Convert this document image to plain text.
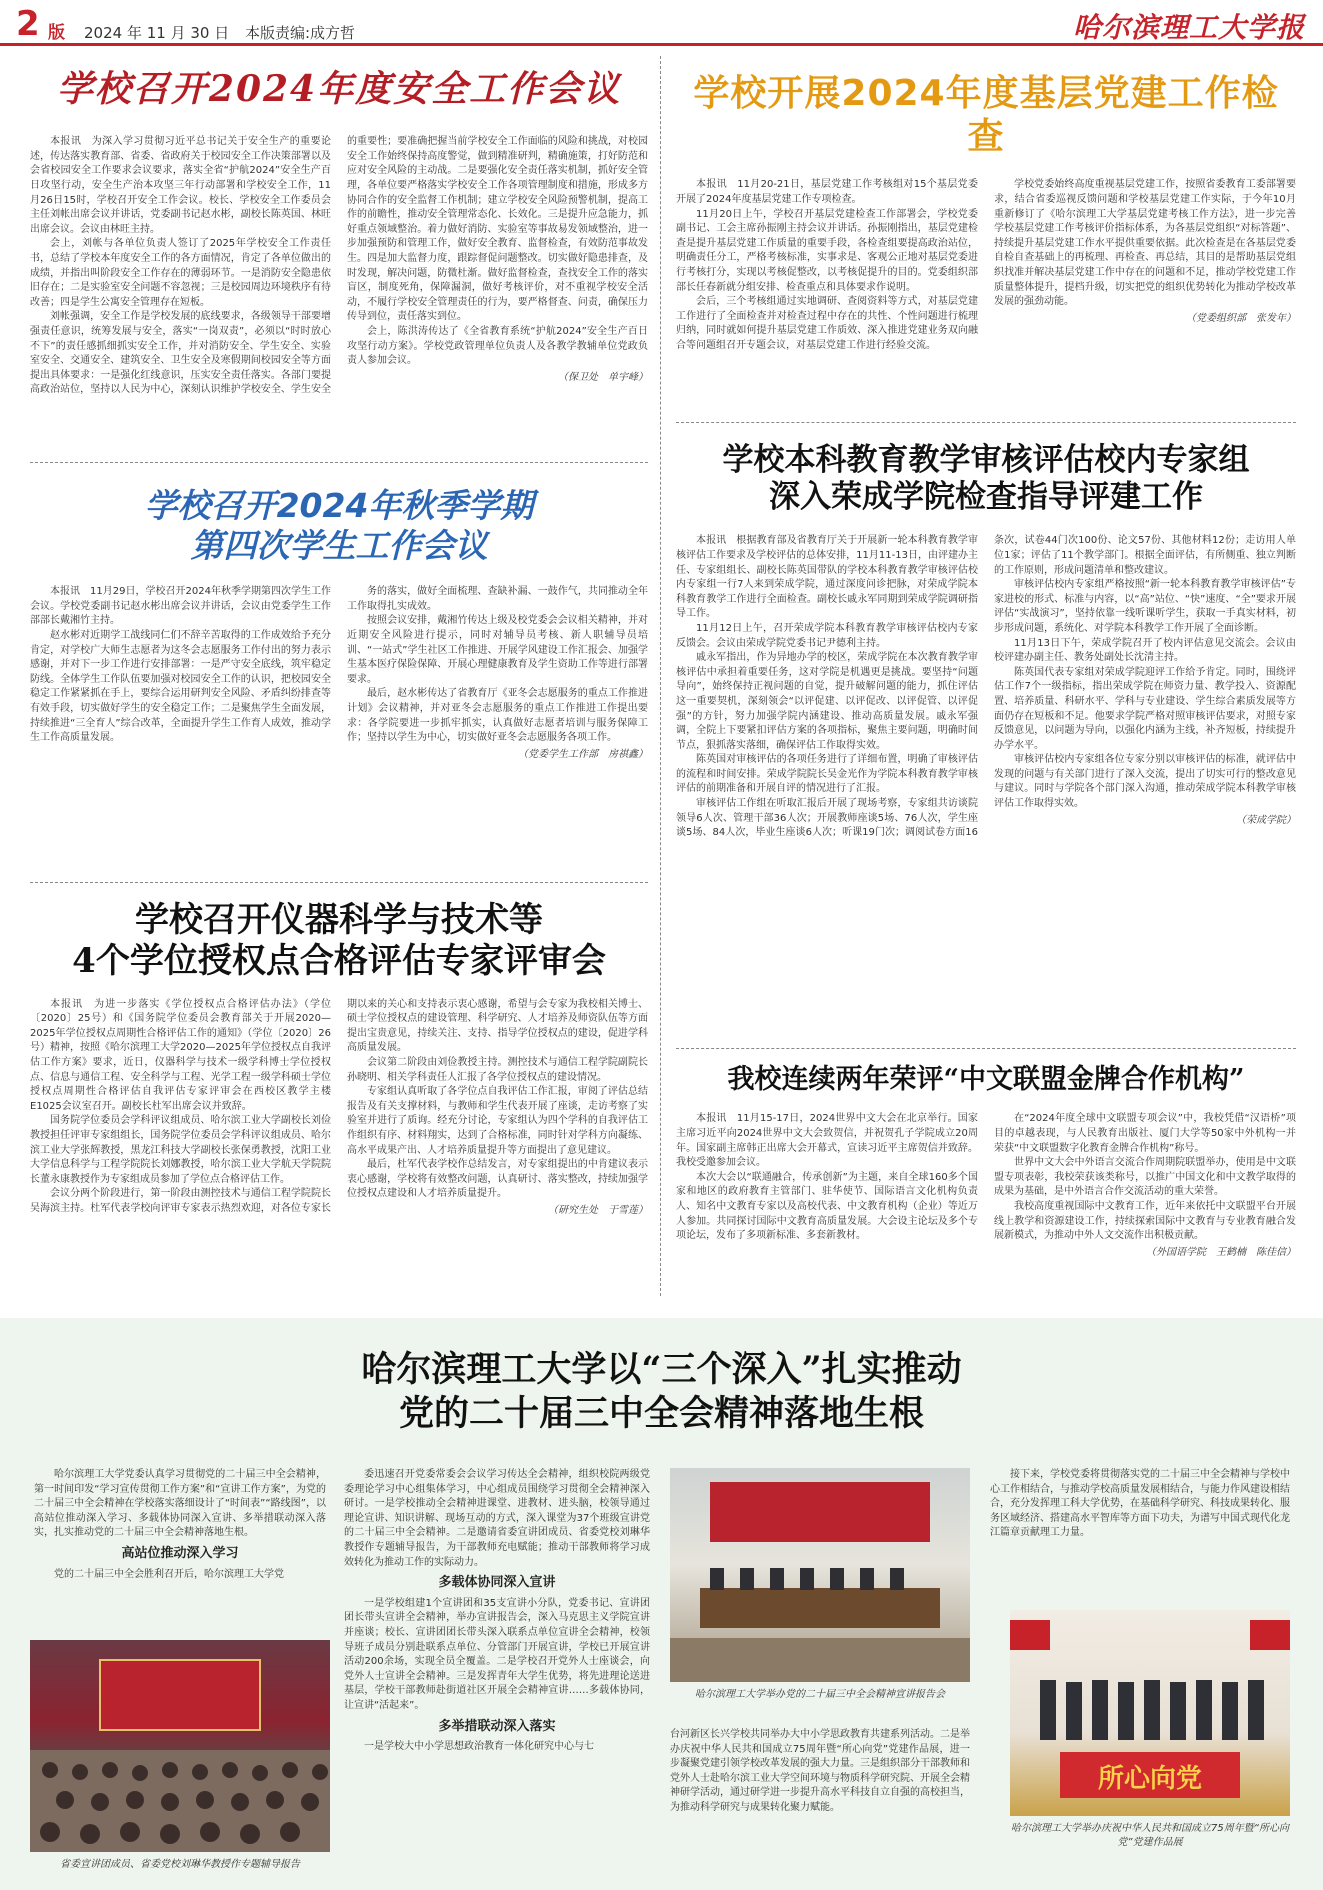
2 版 2024 年 11 月 30 日 本版责编:成方哲	哈尔滨理工大学报
学校召开2024年度安全工作会议

本报讯　为深入学习贯彻习近平总书记关于安全生产的重要论述，传达落实教育部、省委、省政府关于校园安全工作决策部署以及会省校园安全工作要求会议要求，落实全省“护航2024”安全生产百日攻坚行动，安全生产治本攻坚三年行动部署和学校安全工作，11月26日15时，学校召开安全工作会议。校长、学校安全工作委员会主任刘帐出席会议并讲话，党委副书记赵水彬，副校长陈英国、林旺出席会议。会议由林旺主持。

会上，刘帐与各单位负责人签订了2025年学校安全工作责任书，总结了学校本年度安全工作的各方面情况，肯定了各单位做出的成绩，并指出叫阶段安全工作存在的薄弱环节。一是消防安全隐患依旧存在；二是实验室安全问题不容忽视；三是校园周边环境秩序有待改善；四是学生公寓安全管理存在短板。

刘帐强调，安全工作是学校发展的底线要求，各级领导干部要增强责任意识，统筹发展与安全，落实“一岗双责”，必须以“时时放心不下”的责任感抓细抓实安全工作，并对消防安全、学生安全、实验室安全、交通安全、建筑安全、卫生安全及寒假期间校园安全等方面提出具体要求：一是强化红线意识，压实安全责任落实。各部门要提高政治站位，坚持以人民为中心，深刻认识维护学校安全、学生安全的重要性；要准确把握当前学校安全工作面临的风险和挑战，对校园安全工作始终保持高度警觉，做到精准研判，精确施策，打好防范和应对安全风险的主动战。二是要强化安全责任落实机制，抓好安全管理，各单位要严格落实学校安全工作各项管理制度和措施，形成多方协同合作的安全监督工作机制；建立学校安全风险预警机制，提高工作的前瞻性，推动安全管理常态化、长效化。三是提升应急能力，抓好重点领域整治。着力做好消防、实验室等事故易发领域整治，进一步加强预防和管理工作，做好安全教育、监督检查，有效防范事故发生。四是加大监督力度，跟踪督促问题整改。切实做好隐患排查，及时发现，解决问题，防微杜渐。做好监督检查，查找安全工作的落实盲区，制度死角，保障漏洞，做好考核评价，对不重视学校安全活动，不履行学校安全管理责任的行为，要严格督查、问责，确保压力传导到位，责任落实到位。

会上，陈洪涛传达了《全省教育系统“护航2024”安全生产百日攻坚行动方案》。学校党政管理单位负责人及各教学教辅单位党政负责人参加会议。

（保卫处　单宇峰）
学校开展2024年度基层党建工作检查

本报讯　11月20-21日，基层党建工作考核组对15个基层党委开展了2024年度基层党建工作专项检查。

11月20日上午，学校召开基层党建检查工作部署会，学校党委副书记、工会主席孙振刚主持会议并讲话。孙振刚指出，基层党建检查是提升基层党建工作质量的重要手段，各检查组要提高政治站位，明确责任分工，严格考核标准，实事求是、客观公正地对基层党委进行考核打分，实现以考核促整改，以考核促提升的目的。党委组织部部长任春新就分组安排、检查重点和具体要求作说明。

会后，三个考核组通过实地调研、查阅资料等方式，对基层党建工作进行了全面检查并对检查过程中存在的共性、个性问题进行梳理归纳，同时就如何提升基层党建工作质效、深入推进党建业务双向融合等问题组召开专题会议，对基层党建工作进行经验交流。

学校党委始终高度重视基层党建工作，按照省委教育工委部署要求，结合省委巡视反馈问题和学校基层党建工作实际，于今年10月重新修订了《哈尔滨理工大学基层党建考核工作方法》，进一步完善学校基层党建工作考核评价指标体系，为各基层党组织“对标答题”、持续提升基层党建工作水平提供重要依据。此次检查是在各基层党委自检自查基础上的再梳理、再检查、再总结，其目的是帮助基层党组织找准并解决基层党建工作中存在的问题和不足，推动学校党建工作质量整体提升，提档升级，切实把党的组织优势转化为推动学校改革发展的强劲动能。

（党委组织部　张发年）
学校召开2024年秋季学期
第四次学生工作会议

本报讯　11月29日，学校召开2024年秋季学期第四次学生工作会议。学校党委副书记赵水彬出席会议并讲话，会议由党委学生工作部部长戴湘竹主持。

赵水彬对近期学工战线同仁们不辞辛苦取得的工作成效给予充分肯定，对学校广大师生志愿者为这冬会志愿服务工作付出的努力表示感谢，并对下一步工作进行安排部署：一是严守安全底线，筑牢稳定防线。全体学生工作队伍要加强对校园安全工作的认识，把校园安全稳定工作紧紧抓在手上，要综合运用研判安全风险、矛盾纠纷排查等有效手段，切实做好学生的安全稳定工作；二是聚焦学生全面发展，持续推进“三全育人”综合改革，全面提升学生工作育人成效，推动学生工作高质量发展。

务的落实，做好全面梳理、查缺补漏、一鼓作气，共同推动全年工作取得扎实成效。

按照会议安排，戴湘竹传达上级及校党委会会议相关精神，并对近期安全风险进行提示，同时对辅导员考核、新人职辅导员培训、“一站式”学生社区工作推进、开展学风建设工作汇报会、加强学生基本医疗保险保障、开展心理健康教育及学生资助工作等进行部署要求。

最后，赵水彬传达了省教育厅《亚冬会志愿服务的重点工作推进计划》会议精神，并对亚冬会志愿服务的重点工作推进工作提出要求：各学院要进一步抓牢抓实，认真做好志愿者培训与服务保障工作；坚持以学生为中心，切实做好亚冬会志愿服务各项工作。

（党委学生工作部　房祺鑫）
学校本科教育教学审核评估校内专家组
深入荣成学院检查指导评建工作

本报讯　根据教育部及省教育厅关于开展新一轮本科教育教学审核评估工作要求及学校评估的总体安排，11月11-13日，由评建办主任、专家组组长、副校长陈英国带队的学校本科教育教学审核评估校内专家组一行7人来到荣成学院，通过深度问诊把脉，对荣成学院本科教育教学工作进行全面检查。副校长戚永军同期到荣成学院调研指导工作。

11月12日上午，召开荣成学院本科教育教学审核评估校内专家反馈会。会议由荣成学院党委书记尹德利主持。

戚永军指出，作为异地办学的校区，荣成学院在本次教育教学审核评估中承担着重要任务，这对学院是机遇更是挑战。要坚持“问题导向”，始终保持正视问题的自觉，提升破解问题的能力，抓住评估这一重要契机，深刻领会“以评促建、以评促改、以评促管、以评促强”的方针，努力加强学院内涵建设、推动高质量发展。戚永军强调，全院上下要紧扣评估方案的各项指标，聚焦主要问题，明确时间节点，狠抓落实落细，确保评估工作取得实效。

陈英国对审核评估的各项任务进行了详细布置，明确了审核评估的流程和时间安排。荣成学院院长吴金光作为学院本科教育教学审核评估的前期准备和开展自评的情况进行了汇报。

审核评估工作组在听取汇报后开展了现场考察，专家组共访谈院领导6人次、管理干部36人次；开展教师座谈5场、76人次，学生座谈5场、84人次，毕业生座谈6人次；听课19门次；调阅试卷方面16条次，试卷44门次100份、论文57份、其他材料12份；走访用人单位1家；评估了11个教学部门。根据全面评估，有所侧重、独立判断的工作原则，形成问题清单和整改建议。

审核评估校内专家组严格按照“新一轮本科教育教学审核评估”专家进校的形式、标准与内容，以“高”站位、“快”速度、“全”要求开展评估“实战演习”，坚持依靠一线听课听学生，获取一手真实材料，初步形成问题，系统化、对学院本科教学工作开展了全面诊断。

11月13日下午，荣成学院召开了校内评估意见交流会。会议由校评建办副主任、教务处副处长沈清主持。

陈英国代表专家组对荣成学院迎评工作给予肯定。同时，围绕评估工作7个一级指标，指出荣成学院在师资力量、教学投入、资源配置、培养质量、科研水平、学科与专业建设、学生综合素质发展等方面仍存在短板和不足。他要求学院严格对照审核评估要求，对照专家反馈意见，以问题为导向，以强化内涵为主线，补齐短板，持续提升办学水平。

审核评估校内专家组各位专家分别以审核评估的标准，就评估中发现的问题与有关部门进行了深入交流，提出了切实可行的整改意见与建议。同时与学院各个部门深入沟通，推动荣成学院本科教学审核评估工作取得实效。

（荣成学院）
学校召开仪器科学与技术等
4个学位授权点合格评估专家评审会

本报讯　为进一步落实《学位授权点合格评估办法》（学位〔2020〕25号）和《国务院学位委员会教育部关于开展2020—2025年学位授权点周期性合格评估工作的通知》（学位〔2020〕26号）精神，按照《哈尔滨理工大学2020—2025年学位授权点自我评估工作方案》要求，近日，仪器科学与技术一级学科博士学位授权点、信息与通信工程、安全科学与工程、光学工程一级学科硕士学位授权点周期性合格评估自我评估专家评审会在西校区教学主楼E1025会议室召开。副校长杜军出席会议并致辞。

国务院学位委员会学科评议组成员、哈尔滨工业大学副校长刘俭教授担任评审专家组组长，国务院学位委员会学科评议组成员、哈尔滨工业大学张辉教授，黑龙江科技大学副校长张保勇教授，沈阳工业大学信息科学与工程学院院长刘娜教授，哈尔滨工业大学航天学院院长董永康教授作为专家组成员参加了学位点合格评估工作。

会议分两个阶段进行，第一阶段由测控技术与通信工程学院院长吴海滨主持。杜军代表学校向评审专家表示热烈欢迎，对各位专家长期以来的关心和支持表示衷心感谢，希望与会专家为我校相关博士、硕士学位授权点的建设管理、科学研究、人才培养及师资队伍等方面提出宝贵意见，持续关注、支持、指导学位授权点的建设，促进学科高质量发展。

会议第二阶段由刘俭教授主持。测控技术与通信工程学院副院长孙晓明、相关学科责任人汇报了各学位授权点的建设情况。

专家组认真听取了各学位点自我评估工作汇报，审阅了评估总结报告及有关支撑材料，与教师和学生代表开展了座谈，走访考察了实验室并进行了质询。经充分讨论，专家组认为四个学科的自我评估工作组织有序、材料翔实，达到了合格标准，同时针对学科方向凝练、高水平成果产出、人才培养质量提升等方面提出了意见建议。

最后，杜军代表学校作总结发言，对专家组提出的中肯建议表示衷心感谢，学校将有效整改问题，认真研讨、落实整改，持续加强学位授权点建设和人才培养质量提升。

（研究生处　于雪莲）
我校连续两年荣评“中文联盟金牌合作机构”

本报讯　11月15-17日，2024世界中文大会在北京举行。国家主席习近平向2024世界中文大会致贺信，并祝贺孔子学院成立20周年。国家副主席韩正出席大会开幕式，宣读习近平主席贺信并致辞。我校受邀参加会议。

本次大会以“联通融合，传承创新”为主题，来自全球160多个国家和地区的政府教育主管部门、驻华使节、国际语言文化机构负责人、知名中文教育专家以及高校代表、中文教育机构（企业）等近万人参加。共同探讨国际中文教育高质量发展。大会设主论坛及多个专项论坛，发布了多项新标准、多套新教材。

在“2024年度全球中文联盟专项会议”中，我校凭借“汉语桥”项目的卓越表现，与人民教育出版社、厦门大学等50家中外机构一并荣获“中文联盟数字化教育金牌合作机构”称号。

世界中文大会中外语言交流合作周期院联盟举办，使用是中文联盟专项表彰，我校荣获该类称号，以推广中国文化和中文教学取得的成果为基础，是中外语言合作交流活动的重大荣誉。

我校高度重视国际中文教育工作，近年来依托中文联盟平台开展线上教学和资源建设工作，持续探索国际中文教育与专业教育融合发展新模式，为推动中外人文交流作出积极贡献。

（外国语学院　王鹤楠　陈佳信）
哈尔滨理工大学以“三个深入”扎实推动
党的二十届三中全会精神落地生根

哈尔滨理工大学党委认真学习贯彻党的二十届三中全会精神，第一时间印发“学习宣传贯彻工作方案”和“宣讲工作方案”，为党的二十届三中全会精神在学校落实落细设计了“时间表”“路线图”，以高站位推动深入学习、多载体协同深入宣讲、多举措联动深入落实，扎实推动党的二十届三中全会精神落地生根。

高站位推动深入学习

党的二十届三中全会胜利召开后，哈尔滨理工大学党

省委宣讲团成员、省委党校刘琳华教授作专题辅导报告

委迅速召开党委常委会会议学习传达全会精神，组织校院两级党委理论学习中心组集体学习，中心组成员围绕学习贯彻全会精神深入研讨。一是学校推动全会精神进课堂、进教材、进头脑，校领导通过理论宣讲、知识讲解、现场互动的方式，深入课堂为37个班级宣讲党的二十届三中全会精神。二是邀请省委宣讲团成员、省委党校刘琳华教授作专题辅导报告，为干部教师充电赋能；推动干部教师将学习成效转化为推动工作的实际动力。

多载体协同深入宣讲

一是学校组建1个宣讲团和35支宣讲小分队，党委书记、宣讲团团长带头宣讲全会精神，举办宣讲报告会，深入马克思主义学院宣讲并座谈；校长、宣讲团团长带头深入联系点单位宣讲全会精神，校领导班子成员分别赴联系点单位、分管部门开展宣讲，学校已开展宣讲活动200余场，实现全员全覆盖。二是学校召开党外人士座谈会，向党外人士宣讲全会精神。三是发挥青年大学生优势，将先进理论送进基层，学校干部教师赴街道社区开展全会精神宣讲……多载体协同，让宣讲“活起来”。

多举措联动深入落实

一是学校大中小学思想政治教育一体化研究中心与七

哈尔滨理工大学举办党的二十届三中全会精神宣讲报告会

台河新区长兴学校共同举办大中小学思政教育共建系列活动。二是举办庆祝中华人民共和国成立75周年暨“所心向党”党建作品展，进一步凝聚党建引领学校改革发展的强大力量。三是组织部分干部教师和党外人士赴哈尔滨工业大学空间环境与物质科学研究院、开展全会精神研学活动，通过研学进一步提升高水平科技自立自强的高校担当，为推动科学研究与成果转化聚力赋能。

接下来，学校党委将贯彻落实党的二十届三中全会精神与学校中心工作相结合，与推动学校高质量发展相结合，与能力作风建设相结合，充分发挥理工科大学优势，在基础科学研究、科技成果转化、服务区域经济、搭建高水平智库等方面下功夫，为谱写中国式现代化龙江篇章贡献理工力量。

所心向党
哈尔滨理工大学举办庆祝中华人民共和国成立75周年暨“所心向党”党建作品展
